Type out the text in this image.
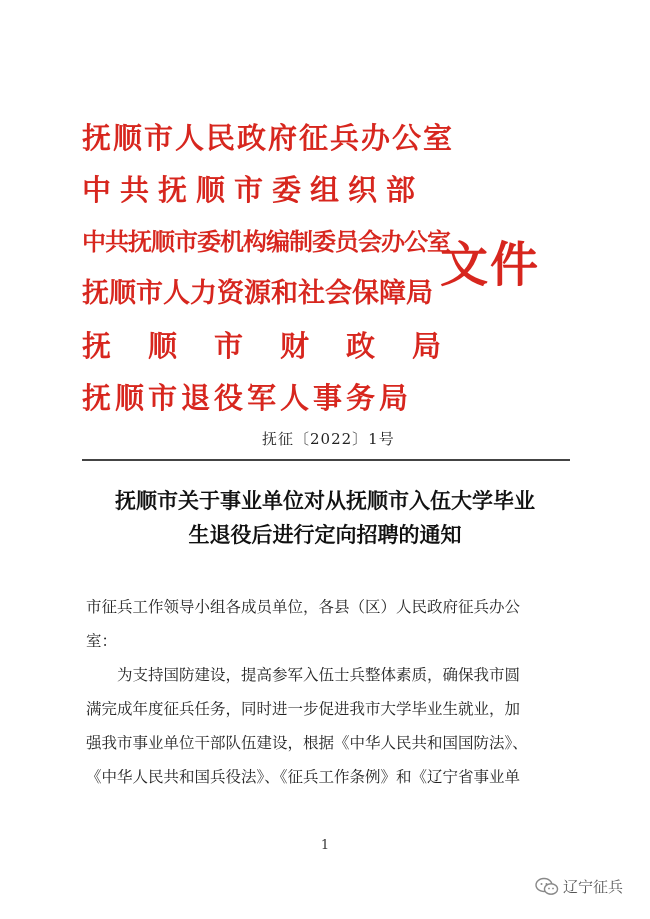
抚顺市人民政府征兵办公室
中共抚顺市委组织部
中共抚顺市委机构编制委员会办公室
抚顺市人力资源和社会保障局
抚顺市财政局
抚顺市退役军人事务局
文件
抚征〔2022〕1号
抚顺市关于事业单位对从抚顺市入伍大学毕业
生退役后进行定向招聘的通知
市征兵工作领导小组各成员单位，各县（区）人民政府征兵办公
室：
　　为支持国防建设，提高参军入伍士兵整体素质，确保我市圆
满完成年度征兵任务，同时进一步促进我市大学毕业生就业，加
强我市事业单位干部队伍建设，根据《中华人民共和国国防法》、
《中华人民共和国兵役法》、《征兵工作条例》和《辽宁省事业单
1
辽宁征兵
